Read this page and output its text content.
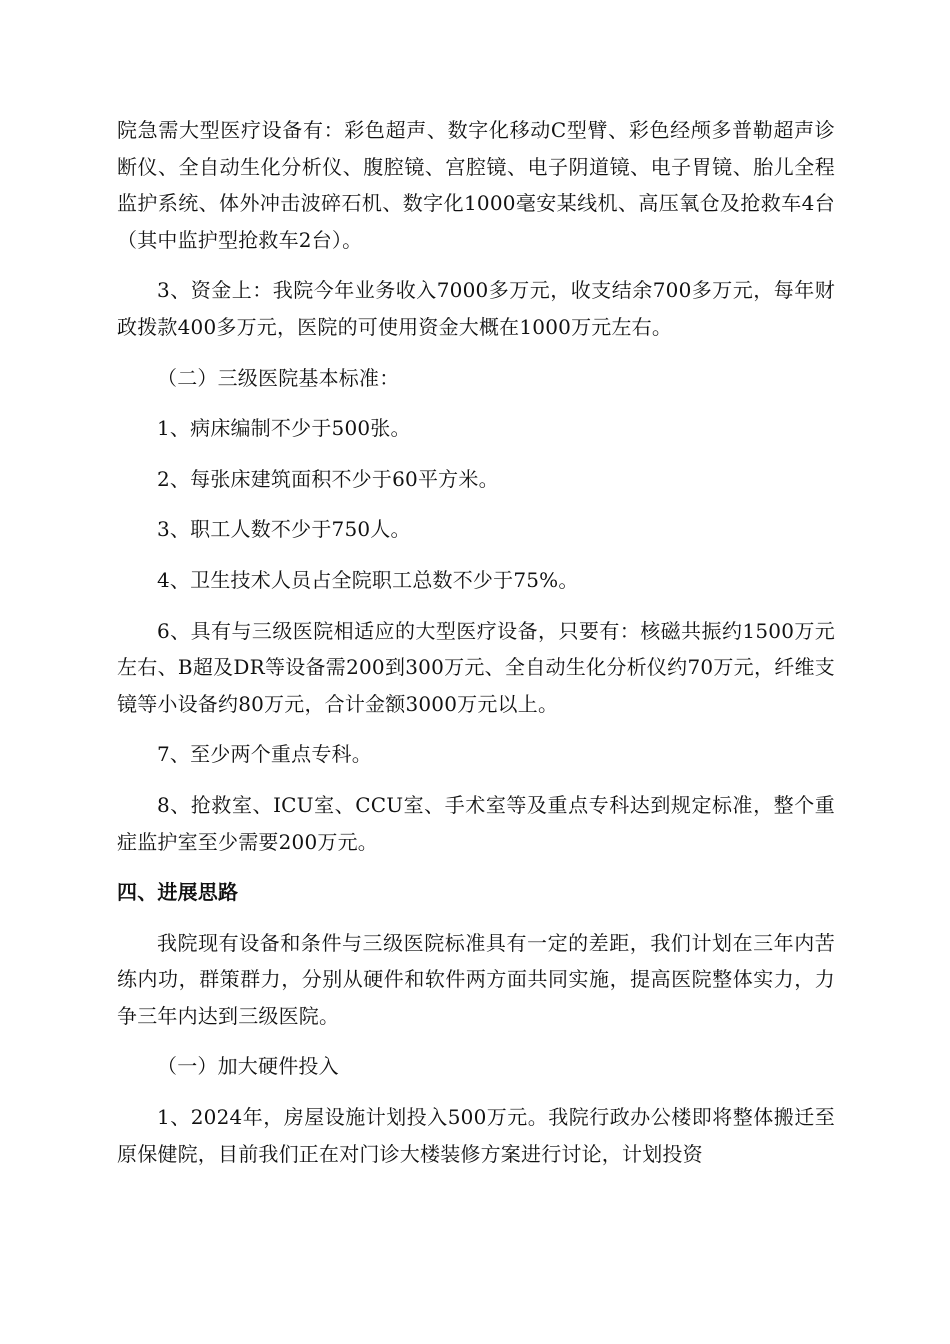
院急需大型医疗设备有：彩色超声、数字化移动C型臂、彩色经颅多普勒超声诊断仪、全自动生化分析仪、腹腔镜、宫腔镜、电子阴道镜、电子胃镜、胎儿全程监护系统、体外冲击波碎石机、数字化1000毫安某线机、高压氧仓及抢救车4台（其中监护型抢救车2台）。

3、资金上：我院今年业务收入7000多万元，收支结余700多万元，每年财政拨款400多万元，医院的可使用资金大概在1000万元左右。

（二）三级医院基本标准：

1、病床编制不少于500张。

2、每张床建筑面积不少于60平方米。

3、职工人数不少于750人。

4、卫生技术人员占全院职工总数不少于75%。

6、具有与三级医院相适应的大型医疗设备，只要有：核磁共振约1500万元左右、B超及DR等设备需200到300万元、全自动生化分析仪约70万元，纤维支镜等小设备约80万元，合计金额3000万元以上。

7、至少两个重点专科。

8、抢救室、ICU室、CCU室、手术室等及重点专科达到规定标准，整个重症监护室至少需要200万元。

四、进展思路

我院现有设备和条件与三级医院标准具有一定的差距，我们计划在三年内苦练内功，群策群力，分别从硬件和软件两方面共同实施，提高医院整体实力，力争三年内达到三级医院。

（一）加大硬件投入

1、2024年，房屋设施计划投入500万元。我院行政办公楼即将整体搬迁至原保健院，目前我们正在对门诊大楼装修方案进行讨论，计划投资
